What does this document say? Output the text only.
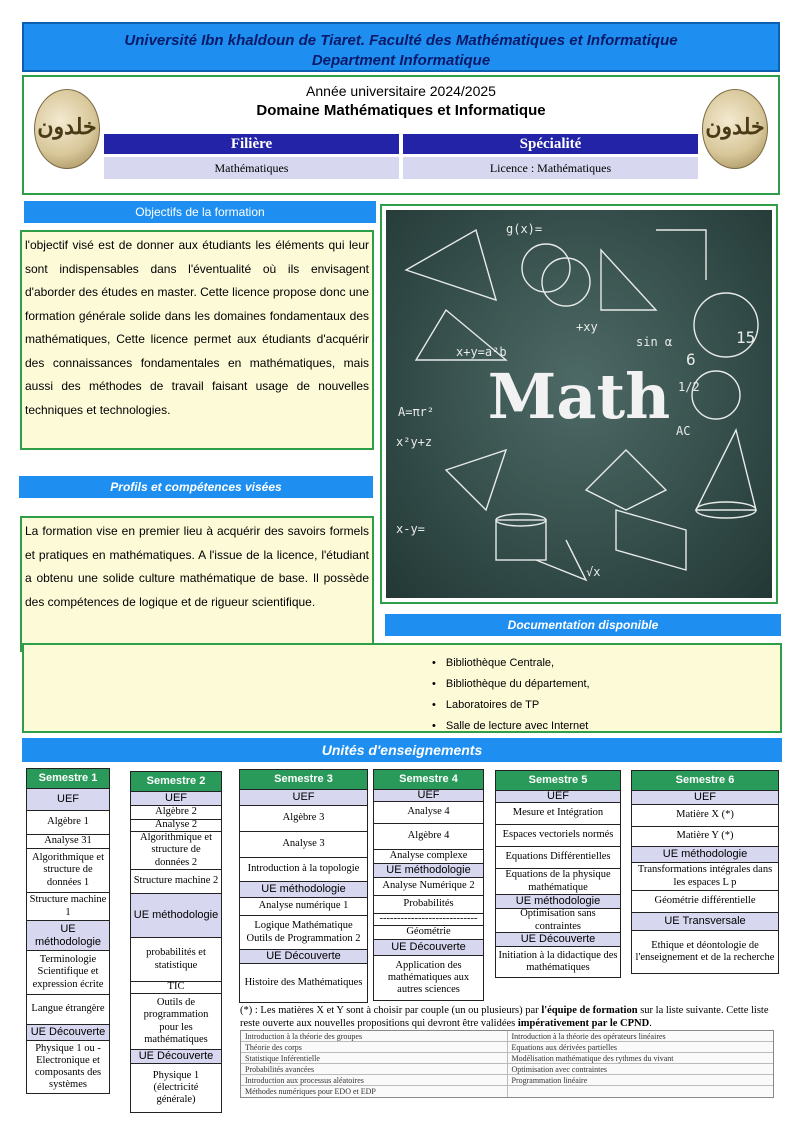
Université Ibn khaldoun de Tiaret. Faculté des Mathématiques et Informatique
Department Informatique
خلدون	خلدون
Année universitaire 2024/2025
Domaine Mathématiques et Informatique
Filière	Spécialité
Mathématiques	Licence : Mathématiques
Objectifs de la formation
l'objectif visé est de donner aux étudiants les éléments qui leur sont indispensables dans l'éventualité où ils envisagent d'aborder des études en master. Cette licence propose donc une formation générale solide dans les domaines fondamentaux des mathématiques, Cette licence permet aux étudiants d'acquérir des connaissances fondamentales en mathématiques, mais aussi des méthodes de travail faisant usage de nouvelles techniques et technologies.
Profils et compétences visées
La formation vise en premier lieu à acquérir des savoirs formels et pratiques en mathématiques. A l'issue de la licence, l'étudiant a obtenu une solide culture mathématique de base. Il possède des compétences de logique et de rigueur scientifique.
Math
g(x)=
x+y=a²b
A=πr²
x²y+z
sin α
x-y=
1/2
15
6
AC
√x
+xy
Documentation disponible
• Bibliothèque Centrale,
• Bibliothèque du département,
• Laboratoires de TP
• Salle de lecture avec Internet
Unités d'enseignements
Semestre 1
UEF
Algèbre 1
Analyse 31
Algorithmique et structure de données 1
Structure machine 1
UE méthodologie
Terminologie Scientifique et expression écrite
Langue étrangère
UE Découverte
Physique 1 ou -Electronique et composants des systèmes
Semestre 2
UEF
Algèbre 2
Analyse 2
Algorithmique et structure de données 2
Structure machine 2
UE méthodologie
probabilités et statistique
TIC
Outils de programmation pour les mathématiques
UE Découverte
Physique 1 (électricité générale)
Semestre 3
UEF
Algèbre 3
Analyse 3
Introduction à la topologie
UE méthodologie
Analyse numérique 1
Logique Mathématique Outils de Programmation 2
UE Découverte
Histoire des Mathématiques
Semestre 4
UEF
Analyse 4
Algèbre 4
Analyse complexe
UE méthodologie
Analyse Numérique 2
Probabilités
----------------------------
Géométrie
UE Découverte
Application des mathématiques aux autres sciences
Semestre 5
UEF
Mesure et Intégration
Espaces vectoriels normés
Equations Différentielles
Equations de la physique mathématique
UE méthodologie
Optimisation sans contraintes
UE Découverte
Initiation à la didactique des mathématiques
Semestre 6
UEF
Matière X (*)
Matière Y (*)
UE méthodologie
Transformations intégrales dans les espaces L p
Géométrie différentielle
UE Transversale
Ethique et déontologie de l'enseignement et de la recherche
(*) : Les matières X et Y sont à choisir par couple (un ou plusieurs) par l'équipe de formation sur la liste suivante. Cette liste reste ouverte aux nouvelles propositions qui devront être validées impérativement par le CPND.
Introduction à la théorie des groupes	Introduction à la théorie des opérateurs linéaires
Théorie des corps	Equations aux dérivées partielles
Statistique Inférentielle	Modélisation mathématique des rythmes du vivant
Probabilités avancées	Optimisation avec contraintes
Introduction aux processus aléatoires	Programmation linéaire
Méthodes numériques pour EDO et EDP
